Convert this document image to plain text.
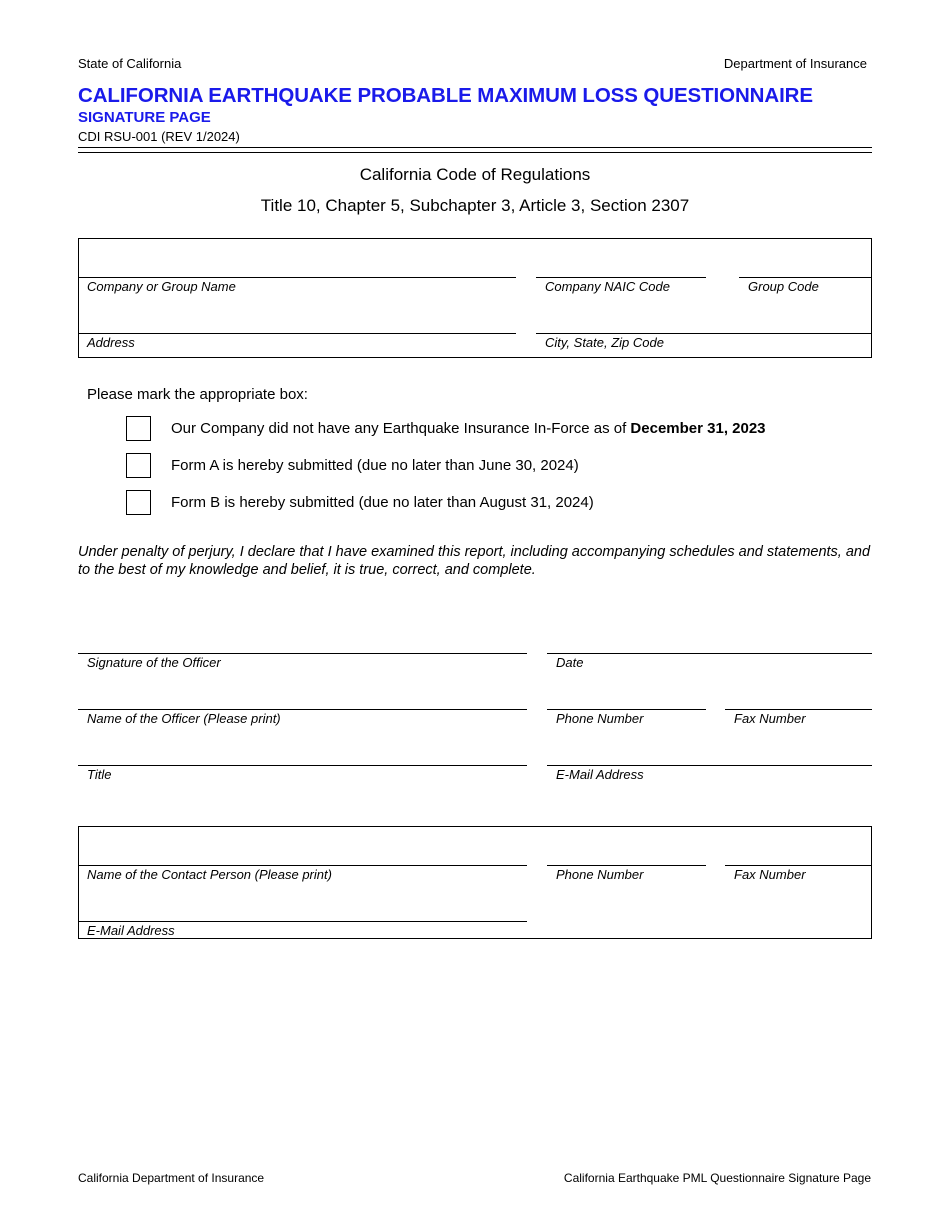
State of California	Department of Insurance
CALIFORNIA EARTHQUAKE PROBABLE MAXIMUM LOSS QUESTIONNAIRE
SIGNATURE PAGE
CDI RSU-001 (REV 1/2024)
California Code of Regulations
Title 10, Chapter 5, Subchapter 3, Article 3, Section 2307
Company or Group Name	Company NAIC Code	Group Code
Address	City, State, Zip Code
Please mark the appropriate box:
Our Company did not have any Earthquake Insurance In-Force as of December 31, 2023
Form A is hereby submitted (due no later than June 30, 2024)
Form B is hereby submitted (due no later than August 31, 2024)
Under penalty of perjury, I declare that I have examined this report, including accompanying schedules and statements, and to the best of my knowledge and belief, it is true, correct, and complete.
Signature of the Officer	Date
Name of the Officer (Please print)	Phone Number	Fax Number
Title	E-Mail Address
Name of the Contact Person (Please print)	Phone Number	Fax Number
E-Mail Address
California Department of Insurance	California Earthquake PML Questionnaire Signature Page
